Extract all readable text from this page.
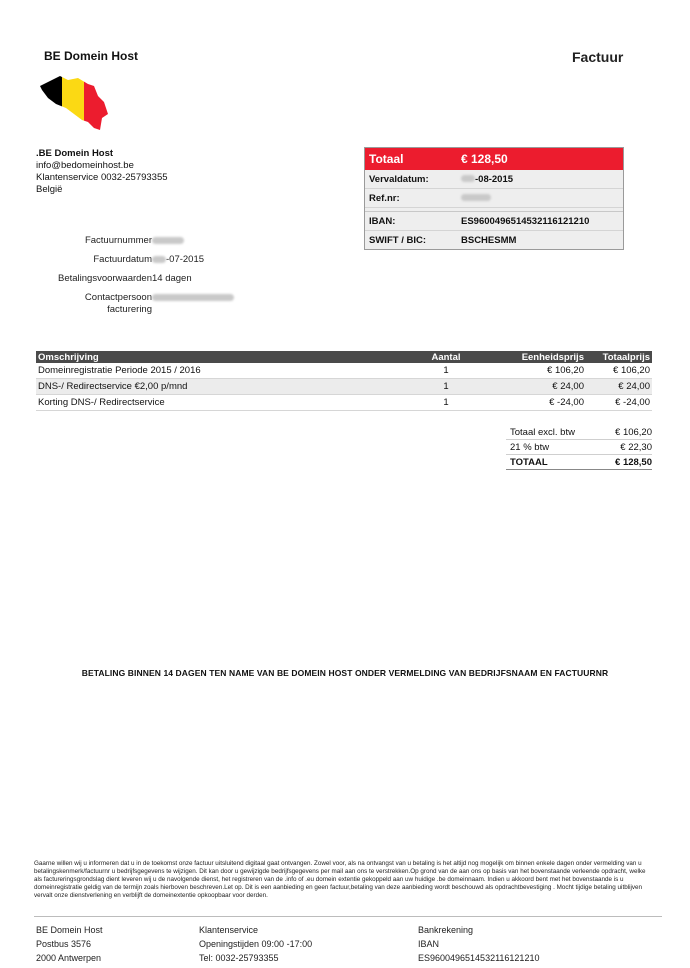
BE Domein Host	Factuur
.BE Domein Host
info@bedomeinhost.be
Klantenservice 0032-25793355
België
Totaal	€ 128,50
Vervaldatum:	-08-2015
Ref.nr:
IBAN:	ES9600496514532116121210
SWIFT / BIC:	BSCHESMM
Factuurnummer
Factuurdatum	-07-2015
Betalingsvoorwaarden 14 dagen
Contactpersoon
facturering
Omschrijving	Aantal	Eenheidsprijs	Totaalprijs
Domeinregistratie Periode 2015 / 2016	1	€ 106,20	€ 106,20
DNS-/ Redirectservice €2,00 p/mnd	1	€ 24,00	€ 24,00
Korting DNS-/ Redirectservice	1	€ -24,00	€ -24,00
Totaal excl. btw	€ 106,20
21 % btw	€ 22,30
TOTAAL	€ 128,50
BETALING BINNEN 14 DAGEN TEN NAME VAN BE DOMEIN HOST ONDER VERMELDING VAN BEDRIJFSNAAM EN FACTUURNR
Gaarne willen wij u informeren dat u in de toekomst onze factuur uitsluitend digitaal gaat ontvangen. Zowel voor, als na ontvangst van u betaling is het altijd nog mogelijk om binnen enkele dagen onder vermelding van u betalingskenmerk/factuurnr u bedrijfsgegevens te wijzigen. Dit kan door u gewijzigde bedrijfsgegevens per mail aan ons te verstrekken.Op grond van de aan ons op basis van het bovenstaande verleende opdracht, welke als factureringsgrondslag dient leveren wij u de navolgende dienst, het registreren van de .info of .eu domein extentie gekoppeld aan uw huidige .be domeinnaam. Indien u akkoord bent met het bovenstaande is u domeinregistratie geldig van de termijn zoals hierboven beschreven.Let op. Dit is een aanbieding en geen factuur,betaling van deze aanbieding wordt beschouwd als opdrachtbevestiging . Mocht tijdige betaling uitblijven vervalt onze dienstverlening en verblijft de domeinextentie opkoopbaar voor derden.
BE Domein Host
Postbus 3576
2000 Antwerpen
Klantenservice
Openingstijden 09:00 -17:00
Tel: 0032-25793355
Bankrekening
IBAN
ES9600496514532116121210
